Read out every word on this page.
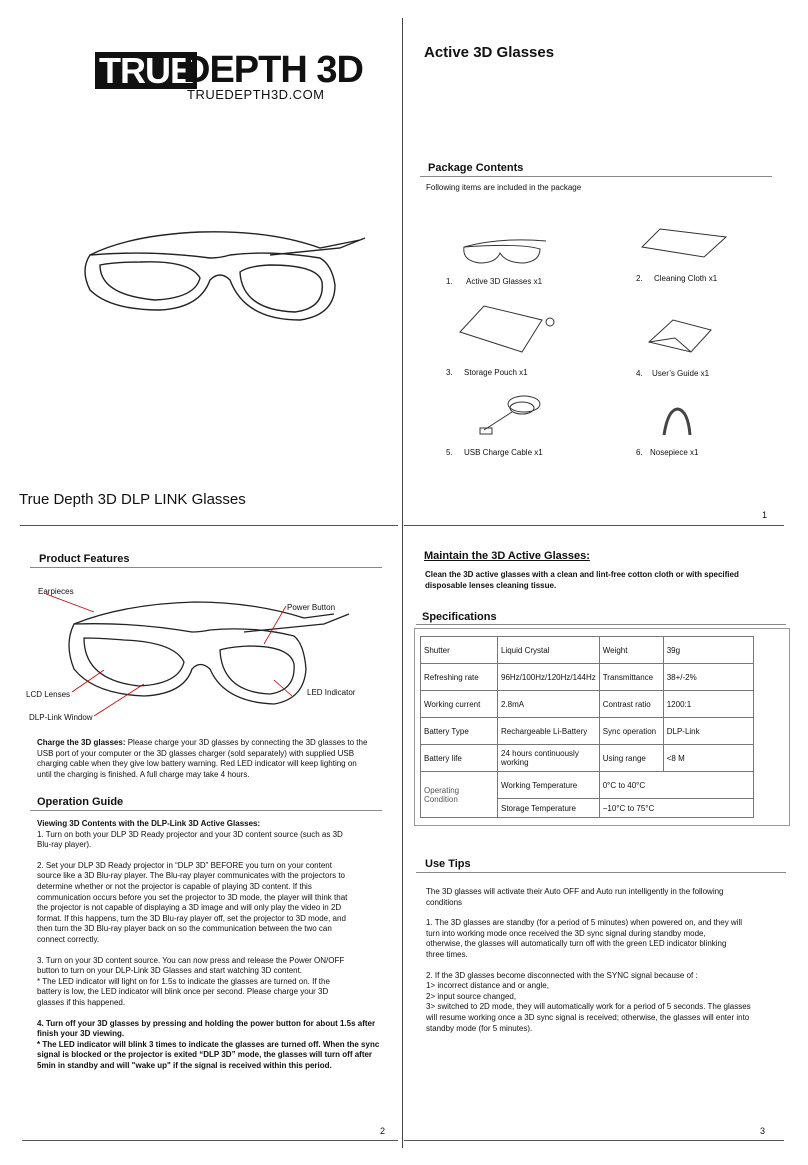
TRUE
DEPTH 3D
TRUEDEPTH3D.COM
True Depth 3D DLP LINK Glasses
Active 3D Glasses
Package Contents
Following items are included in the package
1. Active 3D Glasses x1	2. Cleaning Cloth x1
3. Storage Pouch x1	4. User’s Guide x1
5. USB Charge Cable x1	6. Nosepiece x1
1
Product Features
Earpieces
Power Button
LCD Lenses	LED Indicator
DLP-Link Window
Charge the 3D glasses: Please charge your 3D glasses by connecting the 3D glasses to the
USB port of your computer or the 3D glasses charger (sold separately) with supplied USB
charging cable when they give low battery warning. Red LED indicator will keep lighting on
until the charging is finished. A full charge may take 4 hours.
Operation Guide
Viewing 3D Contents with the DLP-Link 3D Active Glasses:
1. Turn on both your DLP 3D Ready projector and your 3D content source (such as 3D
Blu-ray player).
2. Set your DLP 3D Ready projector in “DLP 3D” BEFORE you turn on your content
source like a 3D Blu-ray player. The Blu-ray player communicates with the projectors to
determine whether or not the projector is capable of playing 3D content. If this
communication occurs before you set the projector to 3D mode, the player will think that
the projector is not capable of displaying a 3D image and will only play the video in 2D
format. If this happens, turn the 3D Blu-ray player off, set the projector to 3D mode, and
then turn the 3D Blu-ray player back on so the communication between the two can
connect correctly.
3. Turn on your 3D content source. You can now press and release the Power ON/OFF
button to turn on your DLP-Link 3D Glasses and start watching 3D content.
* The LED indicator will light on for 1.5s to indicate the glasses are turned on. If the
battery is low, the LED indicator will blink once per second. Please charge your 3D
glasses if this happened.
4. Turn off your 3D glasses by pressing and holding the power button for about 1.5s after
finish your 3D viewing.
* The LED indicator will blink 3 times to indicate the glasses are turned off. When the sync
signal is blocked or the projector is exited “DLP 3D” mode, the glasses will turn off after
5min in standby and will "wake up" if the signal is received within this period.
2
Maintain the 3D Active Glasses:
Clean the 3D active glasses with a clean and lint-free cotton cloth or with specified
disposable lenses cleaning tissue.
Specifications
Shutter	Liquid Crystal	Weight	39g
Refreshing rate	96Hz/100Hz/120Hz/144Hz	Transmittance	38+/-2%
Working current	2.8mA	Contrast ratio	1200:1
Battery Type	Rechargeable Li-Battery	Sync operation	DLP-Link
Battery life	24 hours continuously working	Using range	<8 M
Operating Condition	Working Temperature	0°C to 40°C	
	Storage Temperature	−10°C to 75°C	
Use Tips
The 3D glasses will activate their Auto OFF and Auto run intelligently in the following
conditions
1. The 3D glasses are standby (for a period of 5 minutes) when powered on, and they will
turn into working mode once received the 3D sync signal during standby mode,
otherwise, the glasses will automatically turn off with the green LED indicator blinking
three times.
2. If the 3D glasses become disconnected with the SYNC signal because of :
1> incorrect distance and or angle,
2> input source changed,
3> switched to 2D mode, they will automatically work for a period of 5 seconds. The glasses
will resume working once a 3D sync signal is received; otherwise, the glasses will enter into
standby mode (for 5 minutes).
3
